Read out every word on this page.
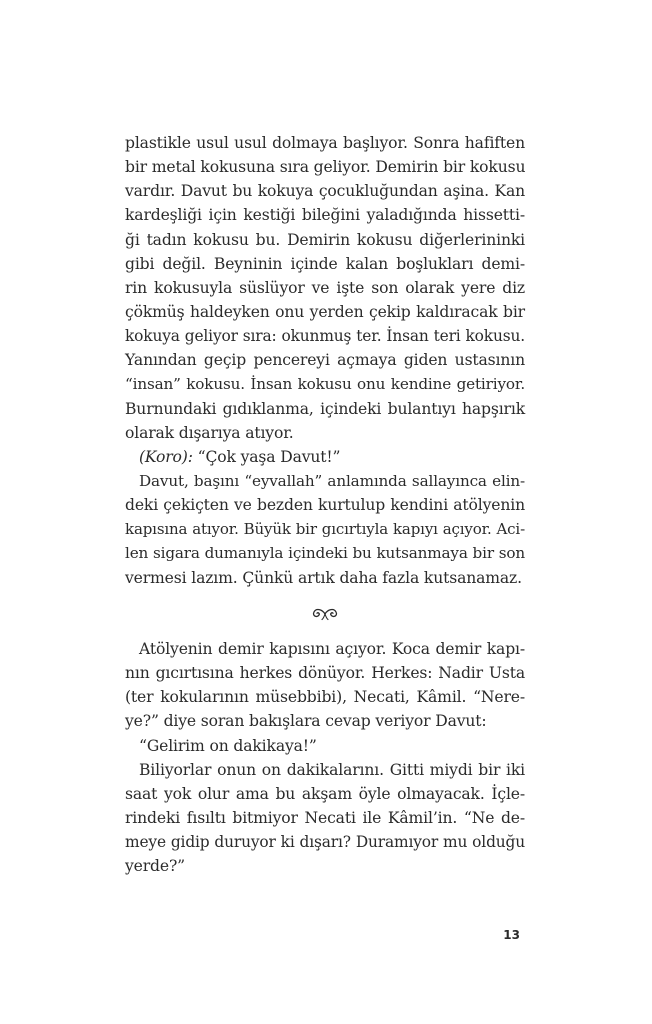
plastikle usul usul dolmaya başlıyor. Sonra hafiften
bir metal kokusuna sıra geliyor. Demirin bir kokusu
vardır. Davut bu kokuya çocukluğundan aşina. Kan
kardeşliği için kestiği bileğini yaladığında hissetti-
ği tadın kokusu bu. Demirin kokusu diğerlerininki
gibi değil. Beyninin içinde kalan boşlukları demi-
rin kokusuyla süslüyor ve işte son olarak yere diz
çökmüş haldeyken onu yerden çekip kaldıracak bir
kokuya geliyor sıra: okunmuş ter. İnsan teri kokusu.
Yanından geçip pencereyi açmaya giden ustasının
“insan” kokusu. İnsan kokusu onu kendine getiriyor.
Burnundaki gıdıklanma, içindeki bulantıyı hapşırık
olarak dışarıya atıyor.
(Koro): “Çok yaşa Davut!”
Davut, başını “eyvallah” anlamında sallayınca elin-
deki çekiçten ve bezden kurtulup kendini atölyenin
kapısına atıyor. Büyük bir gıcırtıyla kapıyı açıyor. Aci-
len sigara dumanıyla içindeki bu kutsanmaya bir son
vermesi lazım. Çünkü artık daha fazla kutsanamaz.
Atölyenin demir kapısını açıyor. Koca demir kapı-
nın gıcırtısına herkes dönüyor. Herkes: Nadir Usta
(ter kokularının müsebbibi), Necati, Kâmil. “Nere-
ye?” diye soran bakışlara cevap veriyor Davut:
“Gelirim on dakikaya!”
Biliyorlar onun on dakikalarını. Gitti miydi bir iki
saat yok olur ama bu akşam öyle olmayacak. İçle-
rindeki fısıltı bitmiyor Necati ile Kâmil’in. “Ne de-
meye gidip duruyor ki dışarı? Duramıyor mu olduğu
yerde?”
13
